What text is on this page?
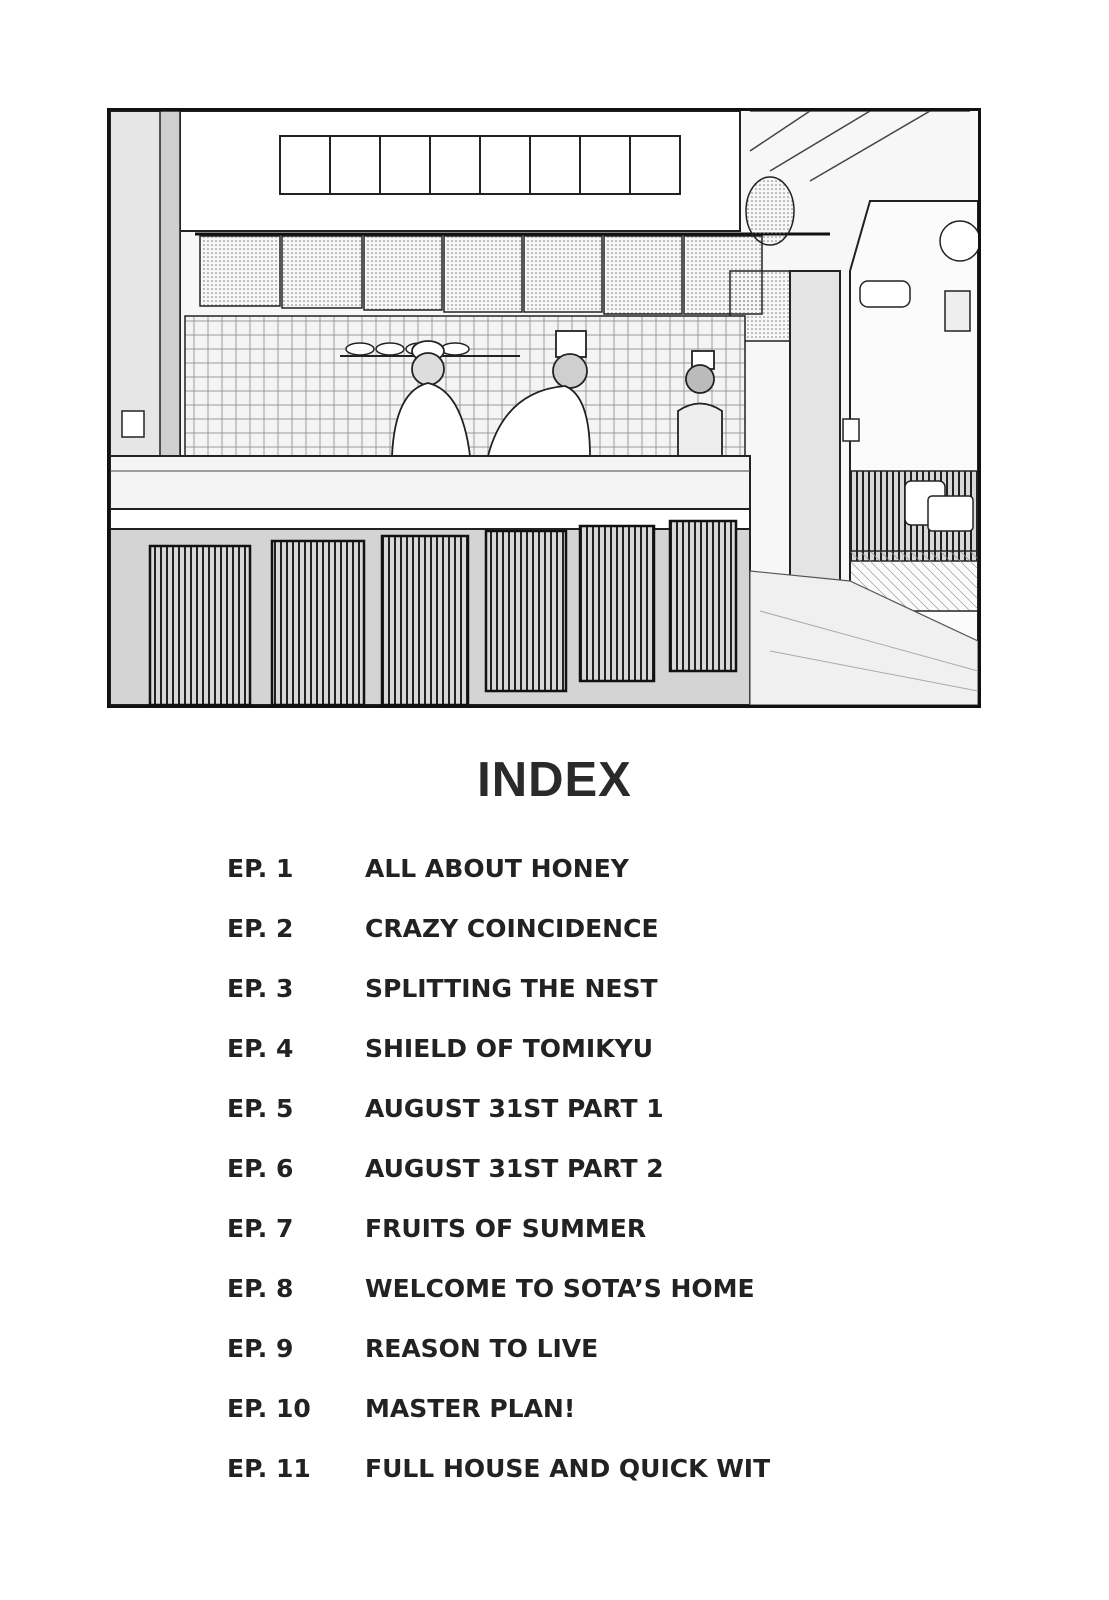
INDEX
EP. 1	ALL ABOUT HONEY
EP. 2	CRAZY COINCIDENCE
EP. 3	SPLITTING THE NEST
EP. 4	SHIELD OF TOMIKYU
EP. 5	AUGUST 31ST PART 1
EP. 6	AUGUST 31ST PART 2
EP. 7	FRUITS OF SUMMER
EP. 8	WELCOME TO SOTA’S HOME
EP. 9	REASON TO LIVE
EP. 10	MASTER PLAN!
EP. 11	FULL HOUSE AND QUICK WIT
